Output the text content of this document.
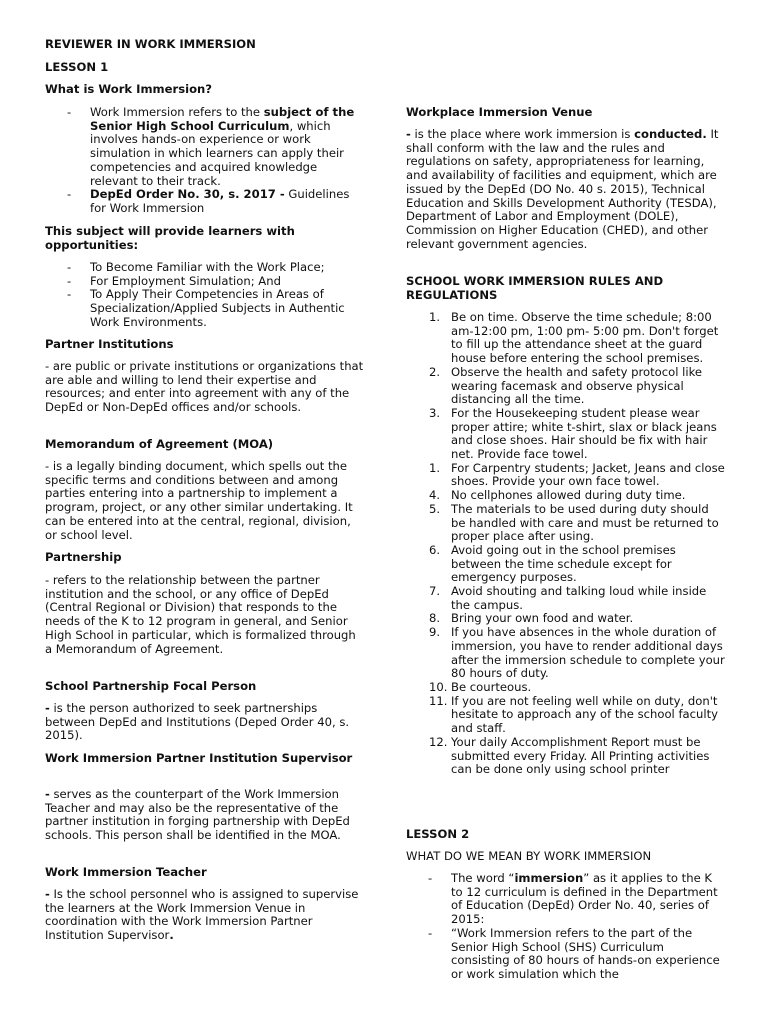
REVIEWER IN WORK IMMERSION
LESSON 1
What is Work Immersion?
- Work Immersion refers to the subject of the Senior High School Curriculum, which involves hands-on experience or work simulation in which learners can apply their competencies and acquired knowledge relevant to their track.
- DepEd Order No. 30, s. 2017 - Guidelines for Work Immersion
This subject will provide learners with opportunities:
- To Become Familiar with the Work Place;
- For Employment Simulation; And
- To Apply Their Competencies in Areas of Specialization/Applied Subjects in Authentic Work Environments.
Partner Institutions
- are public or private institutions or organizations that are able and willing to lend their expertise and resources; and enter into agreement with any of the DepEd or Non-DepEd offices and/or schools.
Memorandum of Agreement (MOA)
- is a legally binding document, which spells out the specific terms and conditions between and among parties entering into a partnership to implement a program, project, or any other similar undertaking. It can be entered into at the central, regional, division, or school level.
Partnership
- refers to the relationship between the partner institution and the school, or any office of DepEd (Central Regional or Division) that responds to the needs of the K to 12 program in general, and Senior High School in particular, which is formalized through a Memorandum of Agreement.
School Partnership Focal Person
- is the person authorized to seek partnerships between DepEd and Institutions (Deped Order 40, s. 2015).
Work Immersion Partner Institution Supervisor
- serves as the counterpart of the Work Immersion Teacher and may also be the representative of the partner institution in forging partnership with DepEd schools. This person shall be identified in the MOA.
Work Immersion Teacher
- Is the school personnel who is assigned to supervise the learners at the Work Immersion Venue in coordination with the Work Immersion Partner Institution Supervisor.
Workplace Immersion Venue
- is the place where work immersion is conducted. It shall conform with the law and the rules and regulations on safety, appropriateness for learning, and availability of facilities and equipment, which are issued by the DepEd (DO No. 40 s. 2015), Technical Education and Skills Development Authority (TESDA), Department of Labor and Employment (DOLE), Commission on Higher Education (CHED), and other relevant government agencies.
SCHOOL WORK IMMERSION RULES AND REGULATIONS
1. Be on time. Observe the time schedule; 8:00 am-12:00 pm, 1:00 pm- 5:00 pm. Don't forget to fill up the attendance sheet at the guard house before entering the school premises.
2. Observe the health and safety protocol like wearing facemask and observe physical distancing all the time.
3. For the Housekeeping student please wear proper attire; white t-shirt, slax or black jeans and close shoes. Hair should be fix with hair net. Provide face towel.
1. For Carpentry students; Jacket, Jeans and close shoes. Provide your own face towel.
4. No cellphones allowed during duty time.
5. The materials to be used during duty should be handled with care and must be returned to proper place after using.
6. Avoid going out in the school premises between the time schedule except for emergency purposes.
7. Avoid shouting and talking loud while inside the campus.
8. Bring your own food and water.
9. If you have absences in the whole duration of immersion, you have to render additional days after the immersion schedule to complete your 80 hours of duty.
10. Be courteous.
11. If you are not feeling well while on duty, don't hesitate to approach any of the school faculty and staff.
12. Your daily Accomplishment Report must be submitted every Friday. All Printing activities can be done only using school printer
LESSON 2
WHAT DO WE MEAN BY WORK IMMERSION
- The word “immersion” as it applies to the K to 12 curriculum is defined in the Department of Education (DepEd) Order No. 40, series of 2015:
- “Work Immersion refers to the part of the Senior High School (SHS) Curriculum consisting of 80 hours of hands-on experience or work simulation which the
